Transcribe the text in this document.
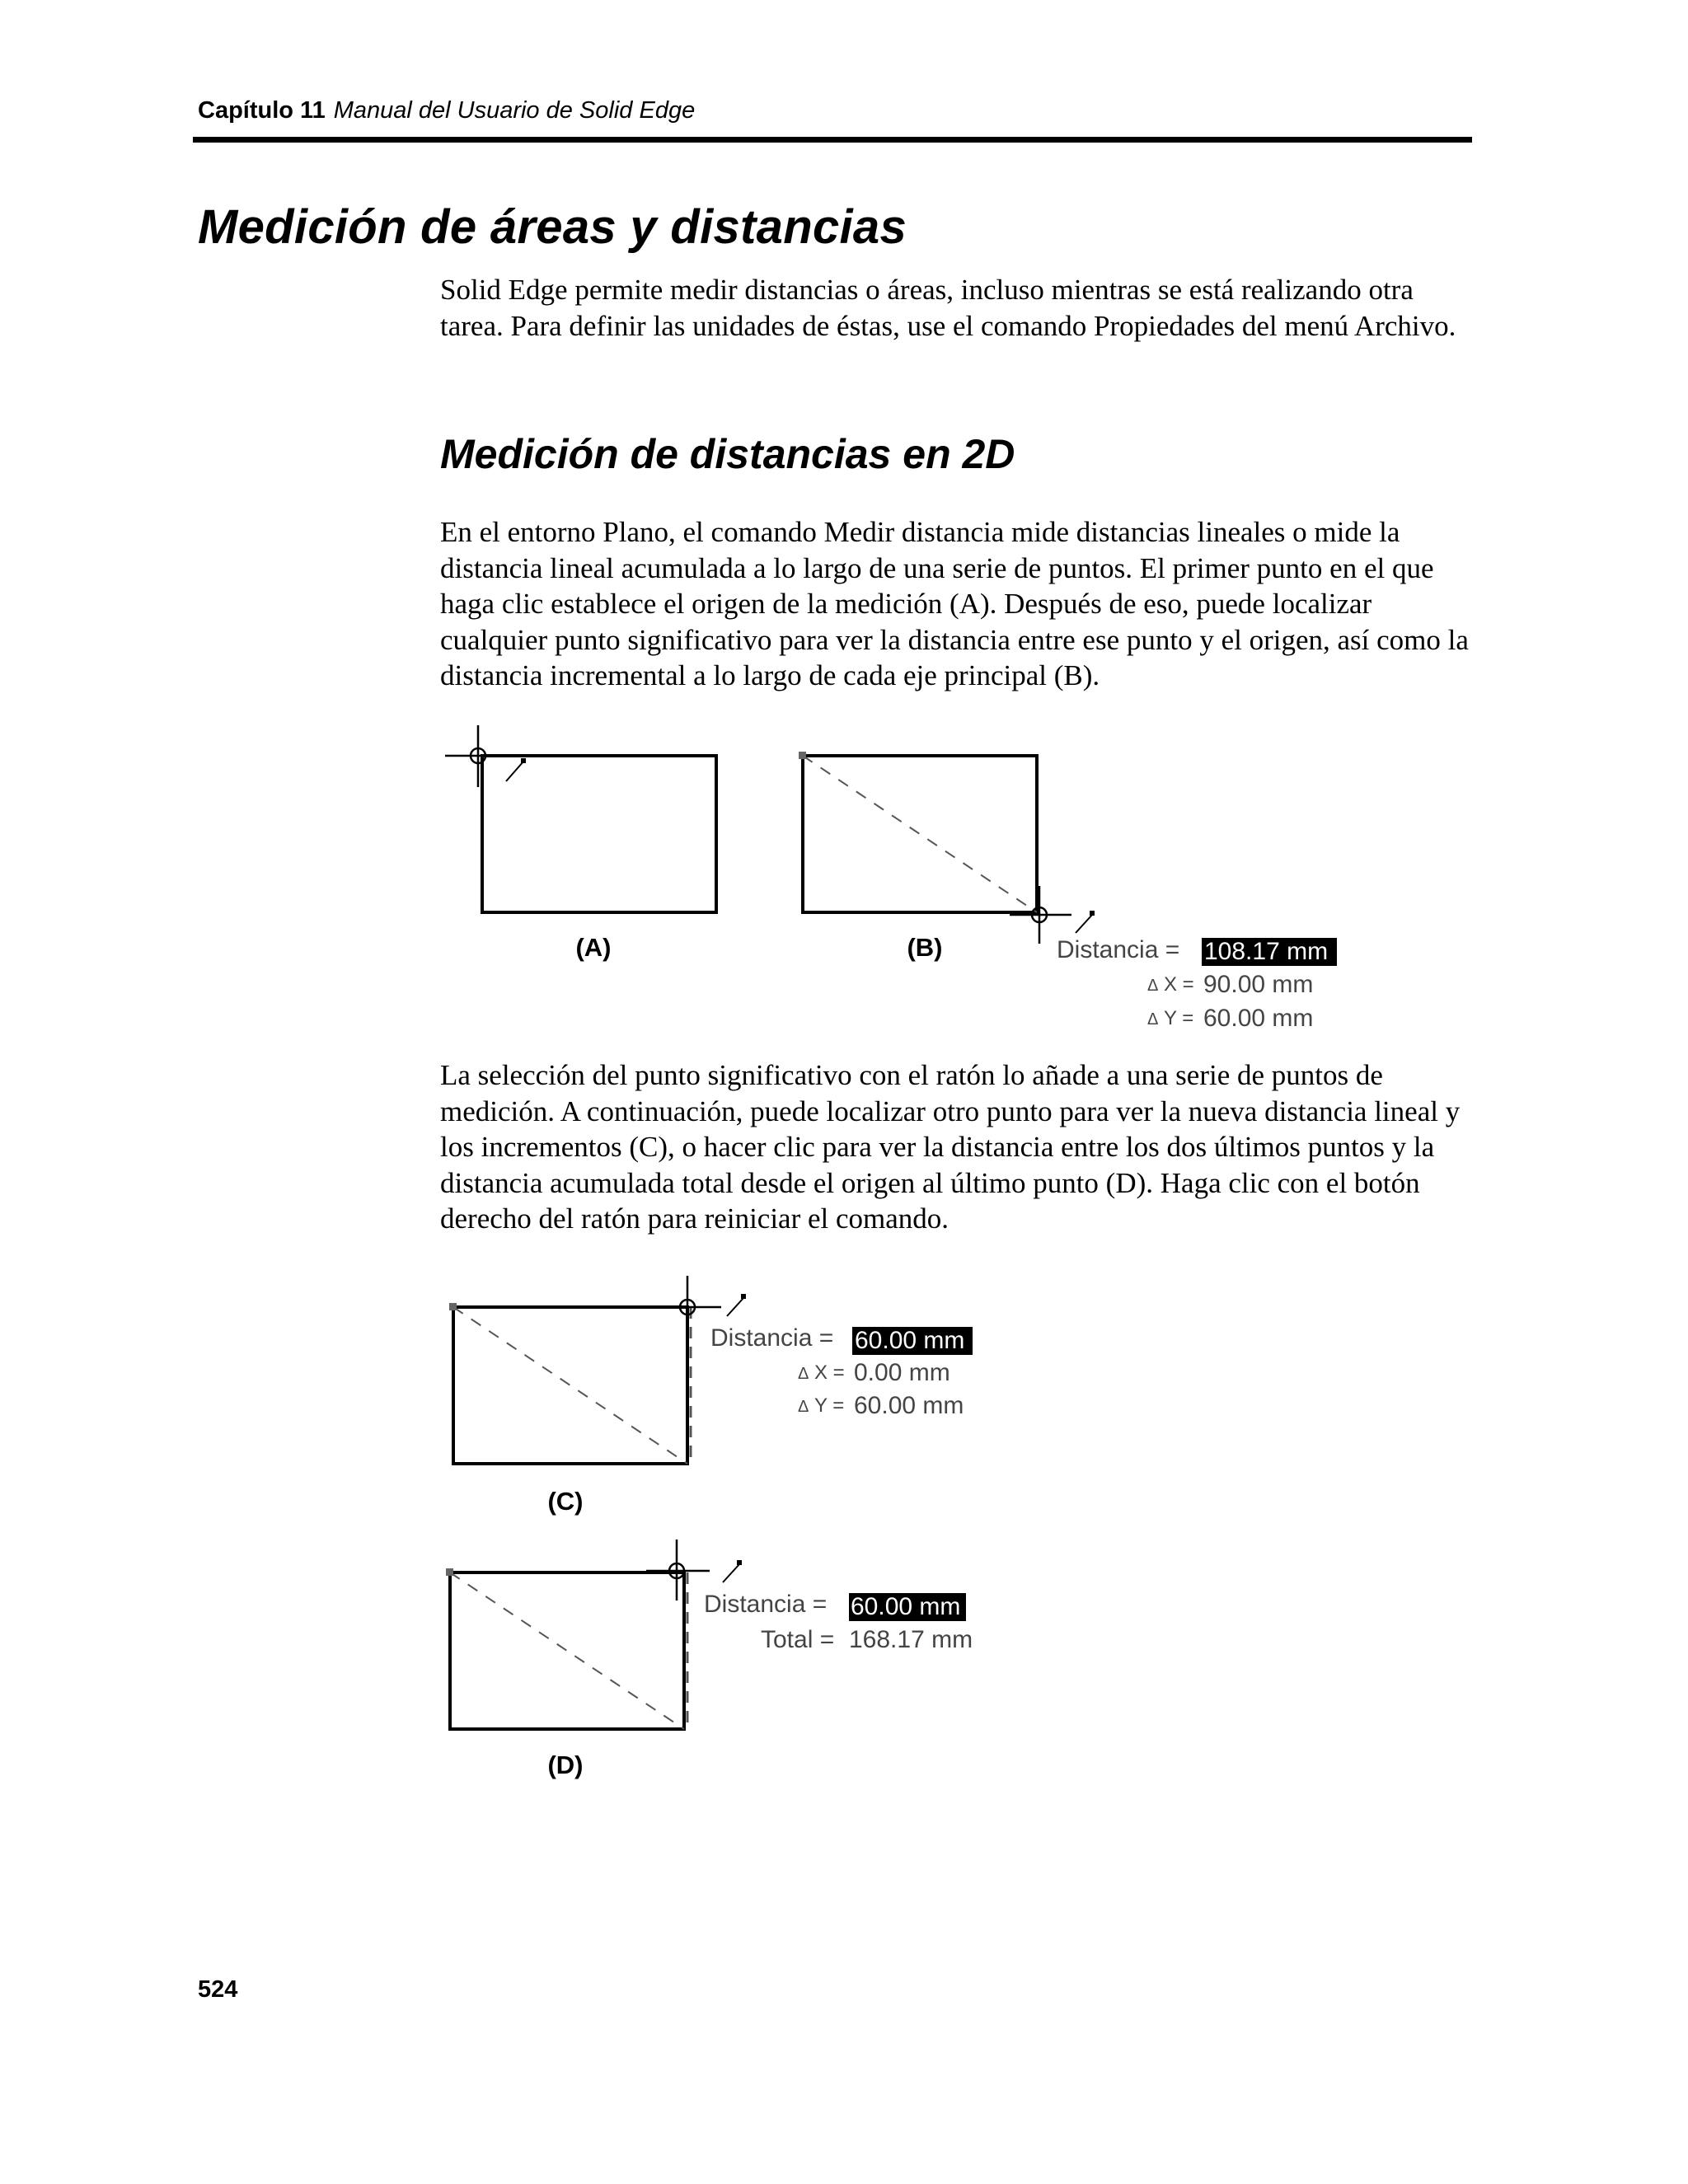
Capítulo 11 Manual del Usuario de Solid Edge
Medición de áreas y distancias

Solid Edge permite medir distancias o áreas, incluso mientras se está realizando otra tarea. Para definir las unidades de éstas, use el comando Propiedades del menú Archivo.

Medición de distancias en 2D

En el entorno Plano, el comando Medir distancia mide distancias lineales o mide la distancia lineal acumulada a lo largo de una serie de puntos. El primer punto en el que haga clic establece el origen de la medición (A). Después de eso, puede localizar cualquier punto significativo para ver la distancia entre ese punto y el origen, así como la distancia incremental a lo largo de cada eje principal (B).

(A)	(B)	Distancia = 108.17 mm
Δ X = 90.00 mm
Δ Y = 60.00 mm

La selección del punto significativo con el ratón lo añade a una serie de puntos de medición. A continuación, puede localizar otro punto para ver la nueva distancia lineal y los incrementos (C), o hacer clic para ver la distancia entre los dos últimos puntos y la distancia acumulada total desde el origen al último punto (D). Haga clic con el botón derecho del ratón para reiniciar el comando.

Distancia = 60.00 mm
Δ X = 0.00 mm
Δ Y = 60.00 mm
(C)
Distancia = 60.00 mm
Total = 168.17 mm
(D)
524
